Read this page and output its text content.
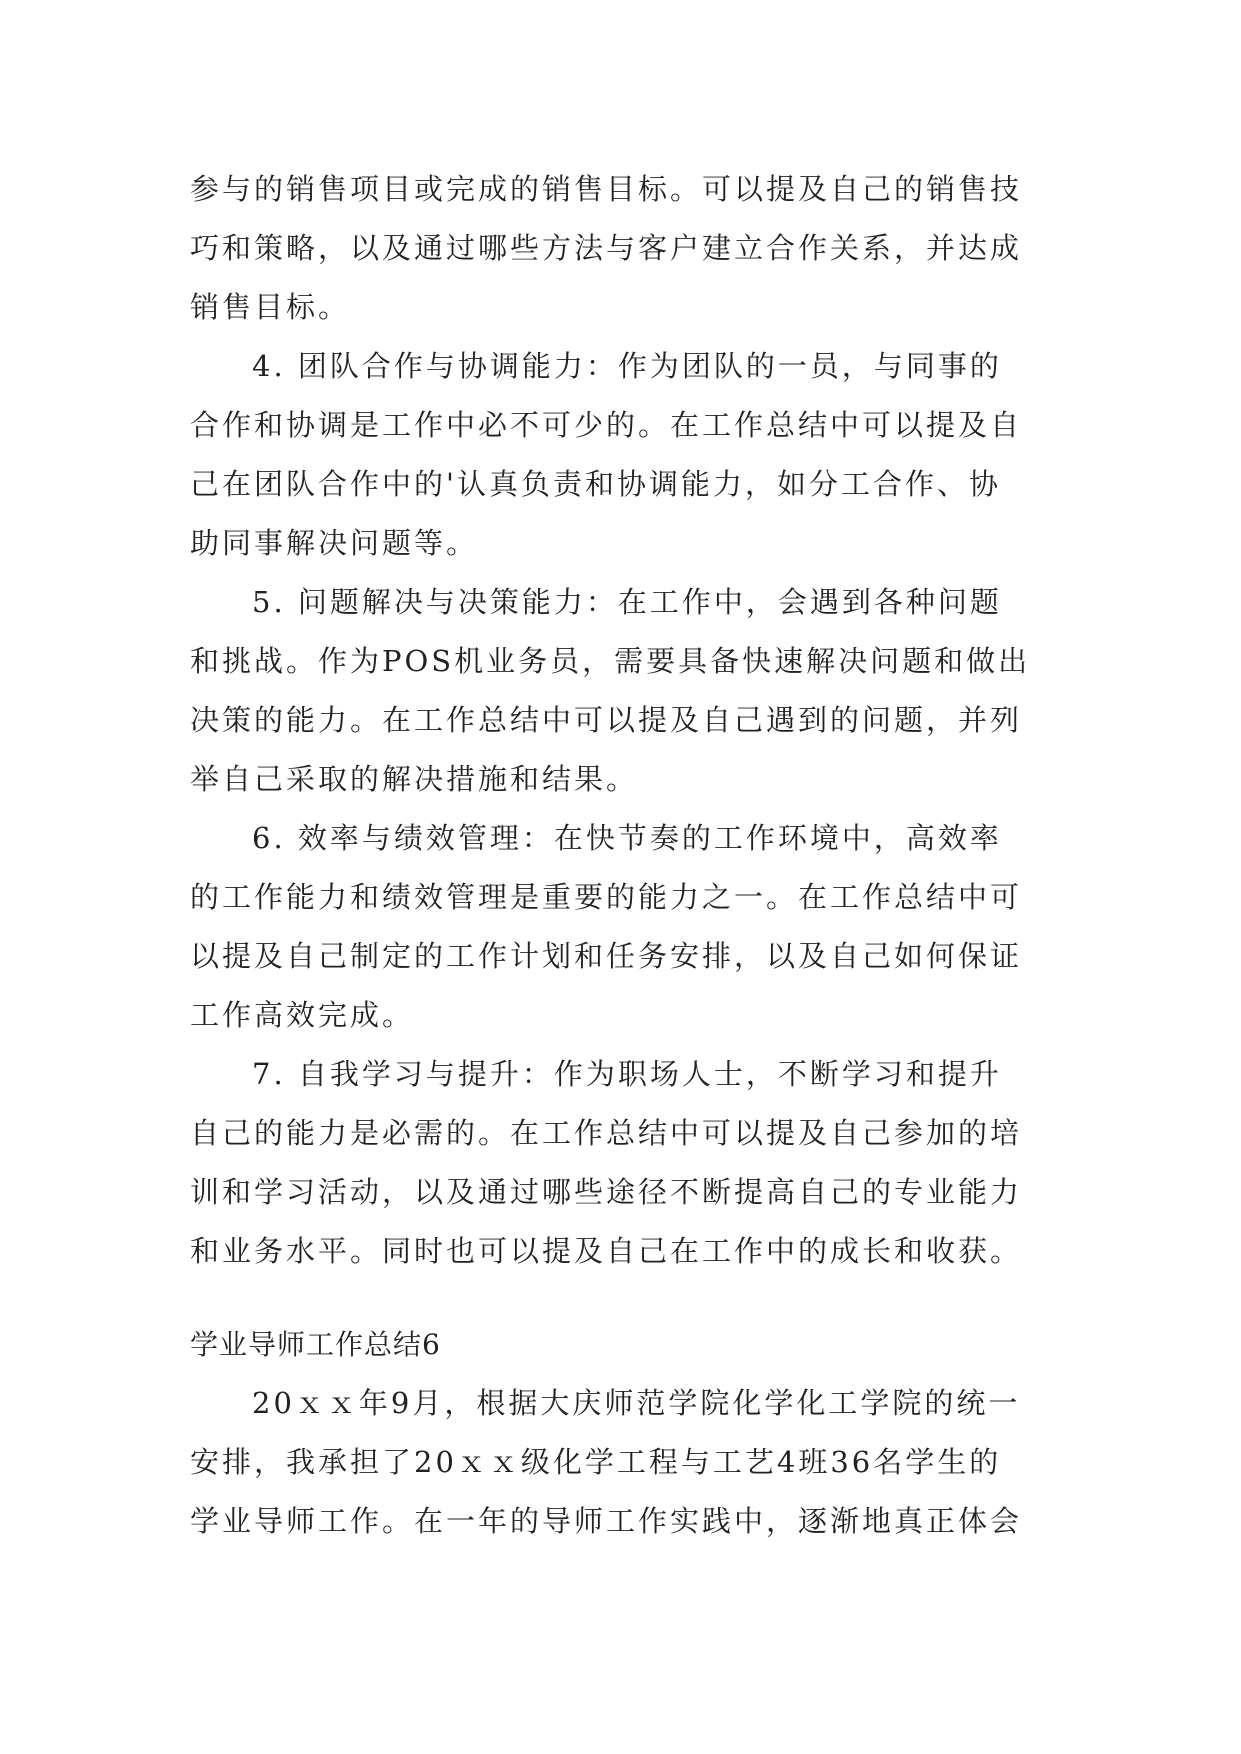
参与的销售项目或完成的销售目标。可以提及自己的销售技
巧和策略，以及通过哪些方法与客户建立合作关系，并达成
销售目标。
4. 团队合作与协调能力：作为团队的一员，与同事的
合作和协调是工作中必不可少的。在工作总结中可以提及自
己在团队合作中的'认真负责和协调能力，如分工合作、协
助同事解决问题等。
5. 问题解决与决策能力：在工作中，会遇到各种问题
和挑战。作为POS机业务员，需要具备快速解决问题和做出
决策的能力。在工作总结中可以提及自己遇到的问题，并列
举自己采取的解决措施和结果。
6. 效率与绩效管理：在快节奏的工作环境中，高效率
的工作能力和绩效管理是重要的能力之一。在工作总结中可
以提及自己制定的工作计划和任务安排，以及自己如何保证
工作高效完成。
7. 自我学习与提升：作为职场人士，不断学习和提升
自己的能力是必需的。在工作总结中可以提及自己参加的培
训和学习活动，以及通过哪些途径不断提高自己的专业能力
和业务水平。同时也可以提及自己在工作中的成长和收获。
学业导师工作总结6
20ｘｘ年9月，根据大庆师范学院化学化工学院的统一
安排，我承担了20ｘｘ级化学工程与工艺4班36名学生的
学业导师工作。在一年的导师工作实践中，逐渐地真正体会
